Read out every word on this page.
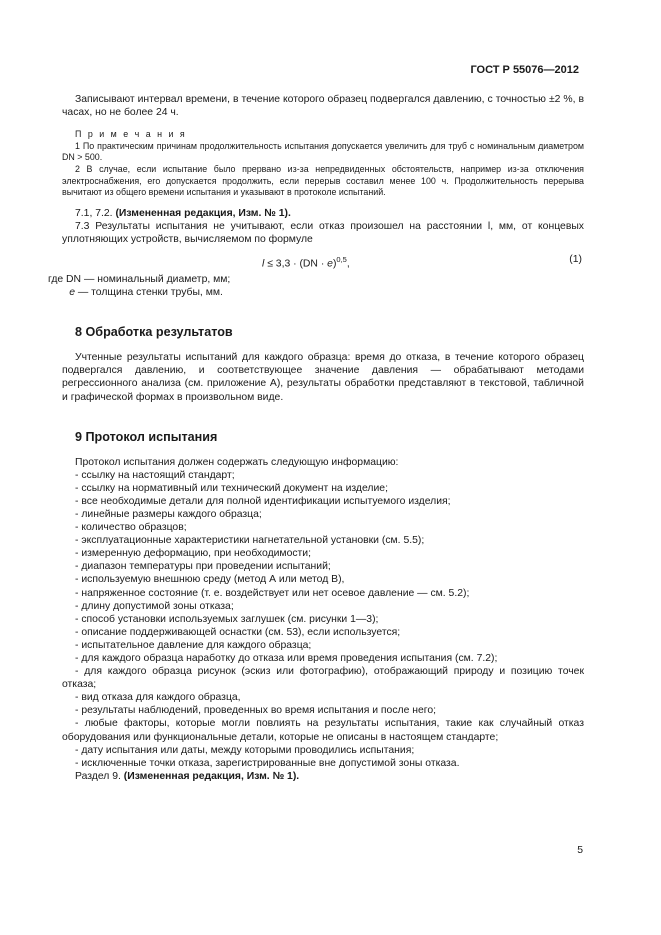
ГОСТ Р 55076—2012

Записывают интервал времени, в течение которого образец подвергался давлению, с точностью ±2 %, в часах, но не более 24 ч.

П р и м е ч а н и я

1 По практическим причинам продолжительность испытания допускается увеличить для труб с номинальным диаметром DN > 500.

2 В случае, если испытание было прервано из-за непредвиденных обстоятельств, например из-за отключения электроснабжения, его допускается продолжить, если перерыв составил менее 100 ч. Продолжительность перерыва вычитают из общего времени испытания и указывают в протоколе испытаний.

7.1, 7.2. (Измененная редакция, Изм. № 1).

7.3 Результаты испытания не учитывают, если отказ произошел на расстоянии l, мм, от концевых уплотняющих устройств, вычисляемом по формуле

l ≤ 3,3 · (DN · e)$^{0,5}$,	(1)

где DN — номинальный диаметр, мм;

e — толщина стенки трубы, мм.

8 Обработка результатов

Учтенные результаты испытаний для каждого образца: время до отказа, в течение которого образец подвергался давлению, и соответствующее значение давления — обрабатывают методами регрессионного анализа (см. приложение А), результаты обработки представляют в текстовой, табличной и графической формах в произвольном виде.

9 Протокол испытания

Протокол испытания должен содержать следующую информацию:

- ссылку на настоящий стандарт;

- ссылку на нормативный или технический документ на изделие;

- все необходимые детали для полной идентификации испытуемого изделия;

- линейные размеры каждого образца;

- количество образцов;

- эксплуатационные характеристики нагнетательной установки (см. 5.5);

- измеренную деформацию, при необходимости;

- диапазон температуры при проведении испытаний;

- используемую внешнюю среду (метод А или метод В),

- напряженное состояние (т. е. воздействует или нет осевое давление — см. 5.2);

- длину допустимой зоны отказа;

- способ установки используемых заглушек (см. рисунки 1—3);

- описание поддерживающей оснастки (см. 53), если используется;

- испытательное давление для каждого образца;

- для каждого образца наработку до отказа или время проведения испытания (см. 7.2);

- для каждого образца рисунок (эскиз или фотографию), отображающий природу и позицию точек отказа;

- вид отказа для каждого образца,

- результаты наблюдений, проведенных во время испытания и после него;

- любые факторы, которые могли повлиять на результаты испытания, такие как случайный отказ оборудования или функциональные детали, которые не описаны в настоящем стандарте;

- дату испытания или даты, между которыми проводились испытания;

- исключенные точки отказа, зарегистрированные вне допустимой зоны отказа.

Раздел 9. (Измененная редакция, Изм. № 1).

5
